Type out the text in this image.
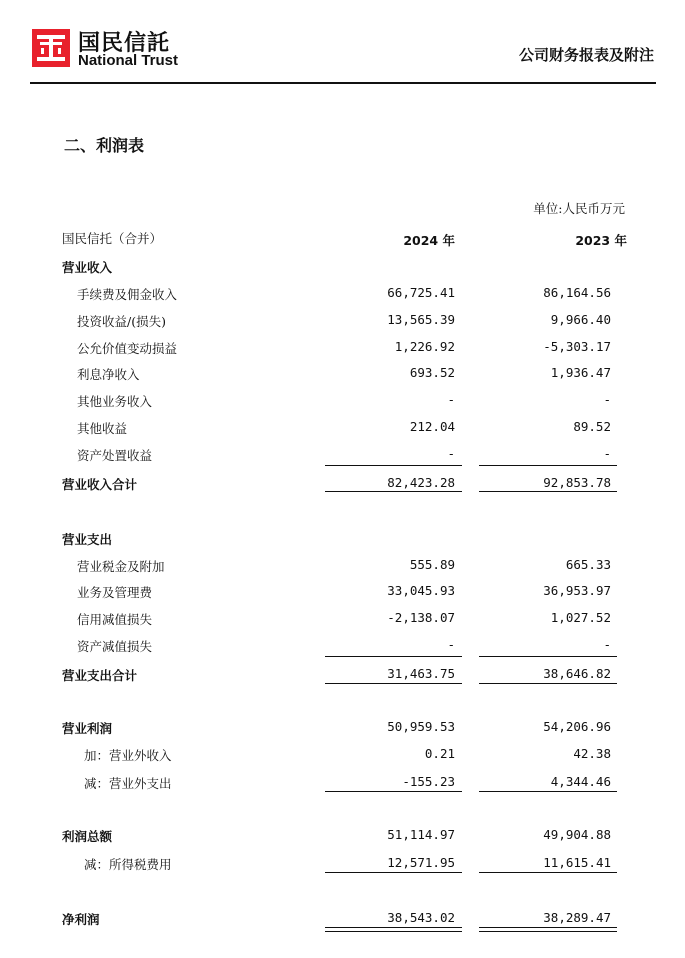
国民信託
National Trust	公司财务报表及附注
二、利润表
单位:人民币万元
国民信托（合并）	2024 年	2023 年
营业收入
手续费及佣金收入	66,725.41	86,164.56
投资收益/(损失)	13,565.39	9,966.40
公允价值变动损益	1,226.92	-5,303.17
利息净收入	693.52	1,936.47
其他业务收入	-	-
其他收益	212.04	89.52
资产处置收益	-	-
营业收入合计	82,423.28	92,853.78
营业支出
营业税金及附加	555.89	665.33
业务及管理费	33,045.93	36,953.97
信用减值损失	-2,138.07	1,027.52
资产减值损失	-	-
营业支出合计	31,463.75	38,646.82
营业利润	50,959.53	54,206.96
加：营业外收入	0.21	42.38
减：营业外支出	-155.23	4,344.46
利润总额	51,114.97	49,904.88
减：所得税费用	12,571.95	11,615.41
净利润	38,543.02	38,289.47
